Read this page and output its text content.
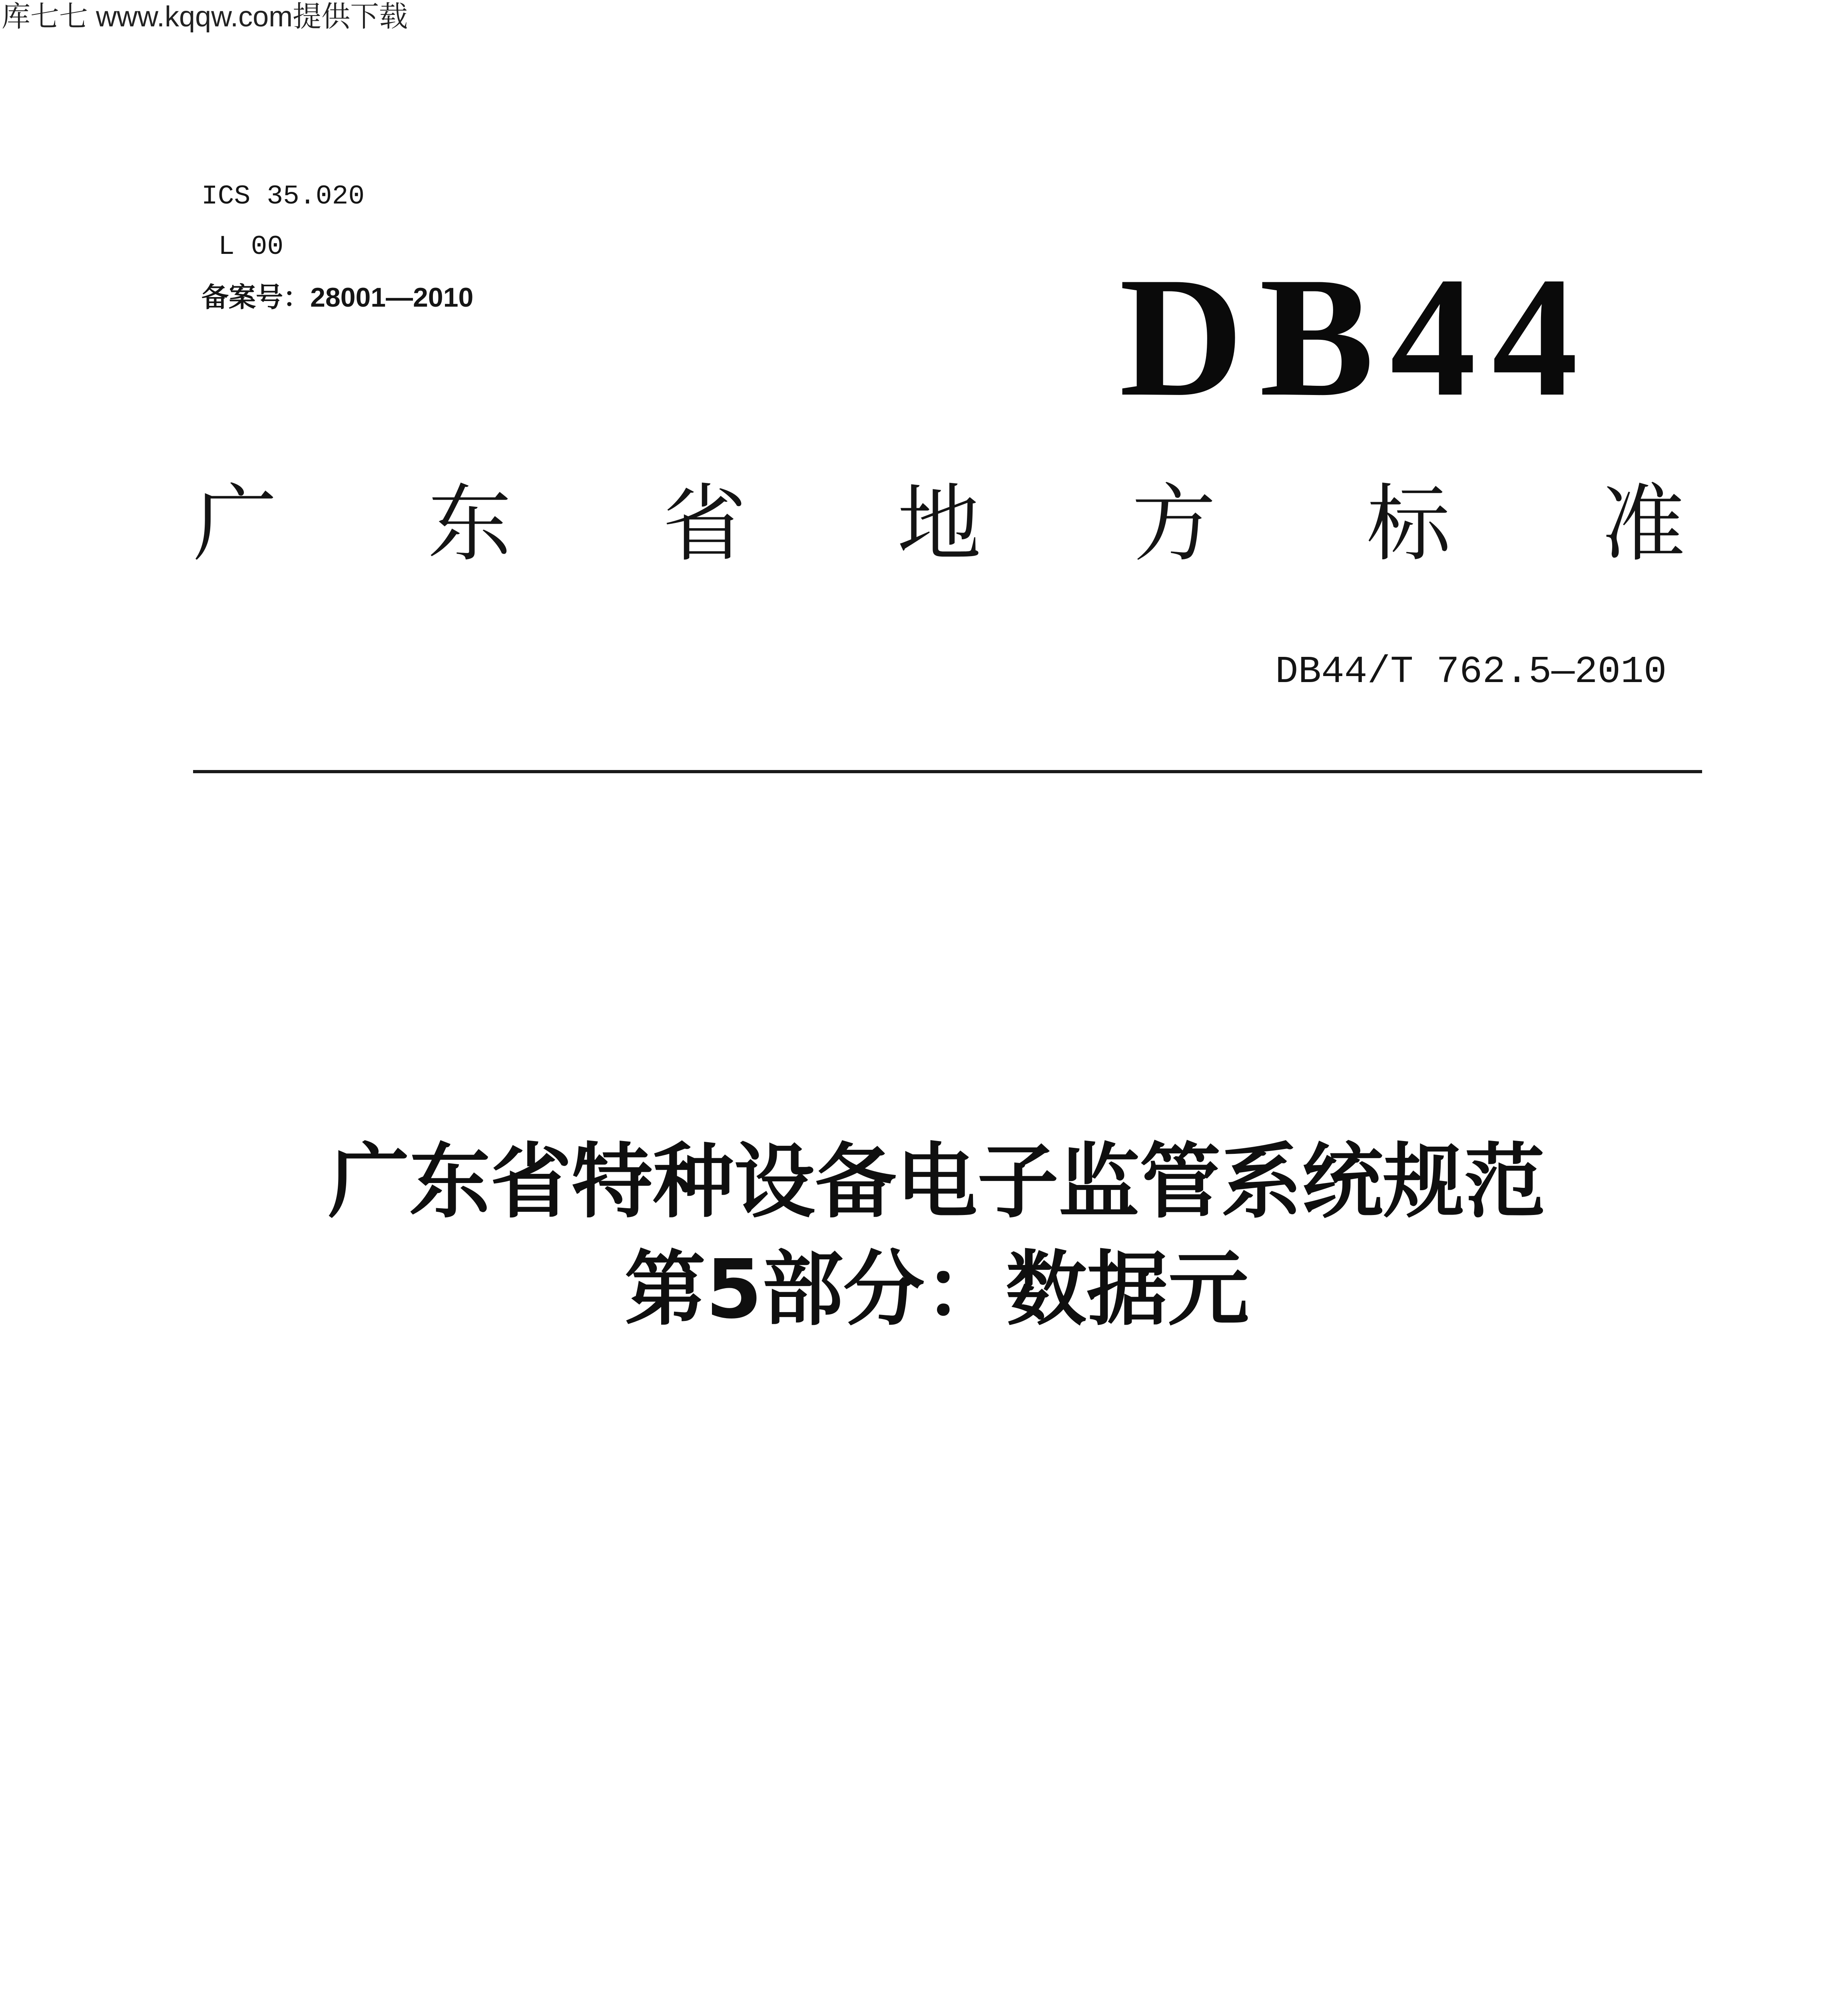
库七七 www.kqqw.com提供下载
ICS 35.020
L 00
备案号：28001—2010	DB44
广 东 省 地 方 标 准
DB44/T 762.5—2010
广东省特种设备电子监管系统规范
第5部分：数据元
